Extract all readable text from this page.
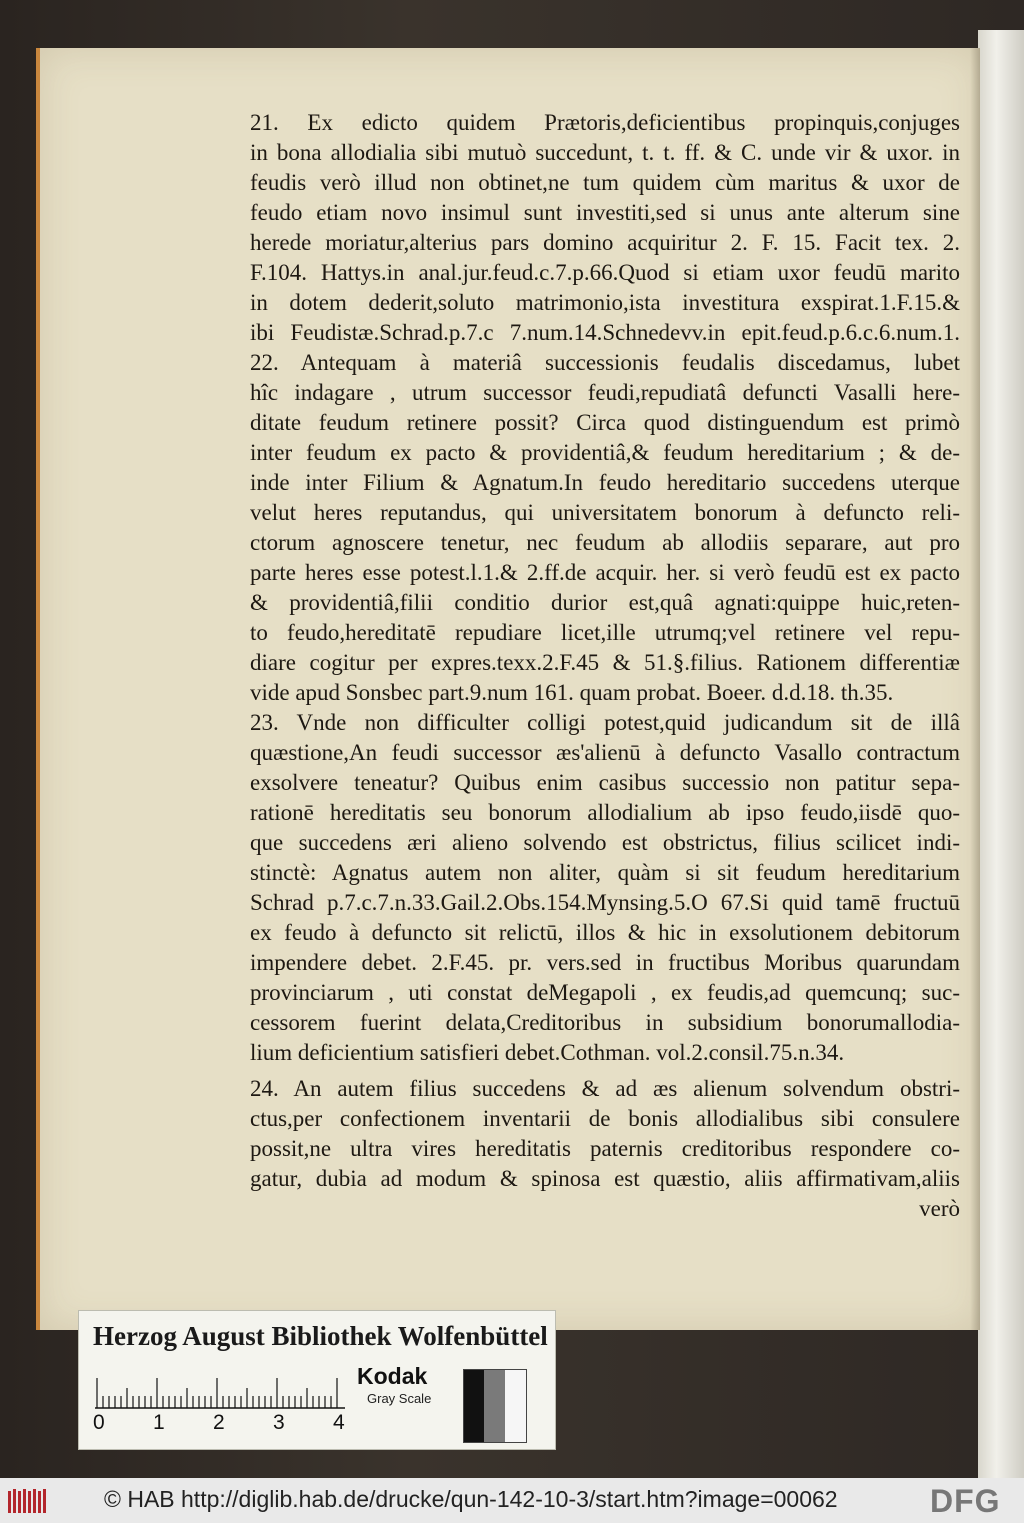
21. Ex edicto quidem Prætoris,deficientibus propinquis,conjuges
in bona allodialia sibi mutuò succedunt, t. t. ff. & C. unde vir & uxor. in
feudis verò illud non obtinet,ne tum quidem cùm maritus & uxor de
feudo etiam novo insimul sunt investiti,sed si unus ante alterum sine
herede moriatur,alterius pars domino acquiritur 2. F. 15. Facit tex. 2.
F.104. Hattys.in anal.jur.feud.c.7.p.66.Quod si etiam uxor feudū marito
in dotem dederit,soluto matrimonio,ista investitura exspirat.1.F.15.&
ibi Feudistæ.Schrad.p.7.c 7.num.14.Schnedevv.in epit.feud.p.6.c.6.num.1.
22. Antequam à materiâ successionis feudalis discedamus, lubet
hîc indagare , utrum successor feudi,repudiatâ defuncti Vasalli here-
ditate feudum retinere possit? Circa quod distinguendum est primò
inter feudum ex pacto & providentiâ,& feudum hereditarium ; & de-
inde inter Filium & Agnatum.In feudo hereditario succedens uterque
velut heres reputandus, qui universitatem bonorum à defuncto reli-
ctorum agnoscere tenetur, nec feudum ab allodiis separare, aut pro
parte heres esse potest.l.1.& 2.ff.de acquir. her. si verò feudū est ex pacto
& providentiâ,filii conditio durior est,quâ agnati:quippe huic,reten-
to feudo,hereditatē repudiare licet,ille utrumq;vel retinere vel repu-
diare cogitur per expres.texx.2.F.45 & 51.§.filius. Rationem differentiæ
vide apud Sonsbec part.9.num 161. quam probat. Boeer. d.d.18. th.35.
23. Vnde non difficulter colligi potest,quid judicandum sit de illâ
quæstione,An feudi successor æs'alienū à defuncto Vasallo contractum
exsolvere teneatur? Quibus enim casibus successio non patitur sepa-
rationē hereditatis seu bonorum allodialium ab ipso feudo,iisdē quo-
que succedens æri alieno solvendo est obstrictus, filius scilicet indi-
stinctè: Agnatus autem non aliter, quàm si sit feudum hereditarium
Schrad p.7.c.7.n.33.Gail.2.Obs.154.Mynsing.5.O 67.Si quid tamē fructuū
ex feudo à defuncto sit relictū, illos & hic in exsolutionem debitorum
impendere debet. 2.F.45. pr. vers.sed in fructibus Moribus quarundam
provinciarum , uti constat deMegapoli , ex feudis,ad quemcunq; suc-
cessorem fuerint delata,Creditoribus in subsidium bonorumallodia-
lium deficientium satisfieri debet.Cothman. vol.2.consil.75.n.34.
24. An autem filius succedens & ad æs alienum solvendum obstri-
ctus,per confectionem inventarii de bonis allodialibus sibi consulere
possit,ne ultra vires hereditatis paternis creditoribus respondere co-
gatur, dubia ad modum & spinosa est quæstio, aliis affirmativam,aliis
verò
Herzog August Bibliothek Wolfenbüttel
0 1 2 3 4
Kodak
Gray Scale
© HAB http://diglib.hab.de/drucke/qun-142-10-3/start.htm?image=00062	DFG
